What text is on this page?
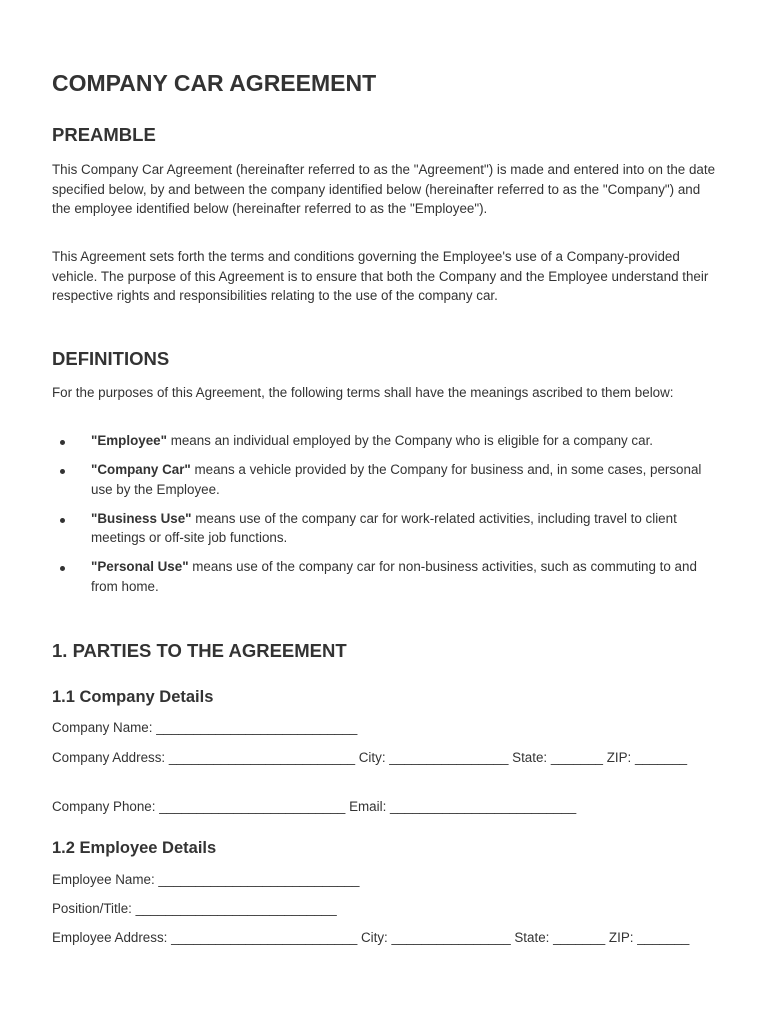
COMPANY CAR AGREEMENT
PREAMBLE

This Company Car Agreement (hereinafter referred to as the "Agreement") is made and entered into on the date specified below, by and between the company identified below (hereinafter referred to as the "Company") and the employee identified below (hereinafter referred to as the "Employee").

This Agreement sets forth the terms and conditions governing the Employee's use of a Company-provided vehicle. The purpose of this Agreement is to ensure that both the Company and the Employee understand their respective rights and responsibilities relating to the use of the company car.

DEFINITIONS

For the purposes of this Agreement, the following terms shall have the meanings ascribed to them below:

"Employee" means an individual employed by the Company who is eligible for a company car.
"Company Car" means a vehicle provided by the Company for business and, in some cases, personal use by the Employee.
"Business Use" means use of the company car for work-related activities, including travel to client meetings or off-site job functions.
"Personal Use" means use of the company car for non-business activities, such as commuting to and from home.
1. PARTIES TO THE AGREEMENT
1.1 Company Details

Company Name: ___________________________

Company Address: _________________________ City: ________________ State: _______ ZIP: _______

Company Phone: _________________________ Email: _________________________

1.2 Employee Details

Employee Name: ___________________________

Position/Title: ___________________________

Employee Address: _________________________ City: ________________ State: _______ ZIP: _______
